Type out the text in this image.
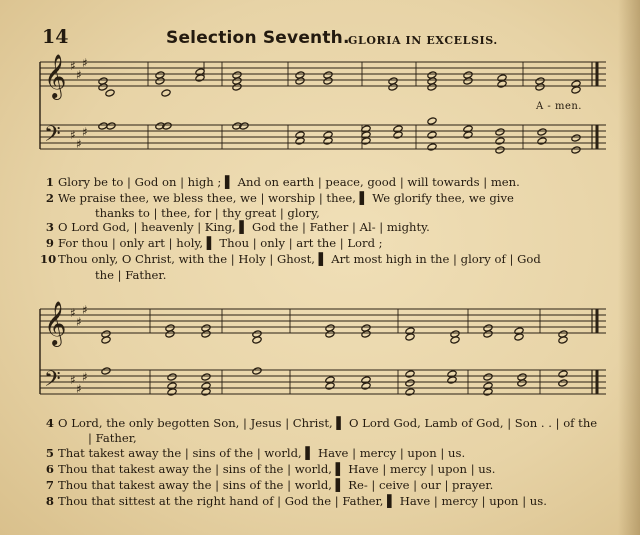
14	Selection Seventh.
GLORIA IN EXCELSIS.
𝄞
𝄢
♯
♯
♯
♯
♯
♯
𝄞
𝄢
♯
♯
♯
♯
♯
♯
A - men.
1 Glory be to | God on | high ; ▌ And on earth | peace, good | will towards | men.
2 We praise thee, we bless thee, we | worship | thee, ▌ We glorify thee, we give
thanks to | thee, for | thy great | glory,
3 O Lord God, | heavenly | King, ▌ God the | Father | Al- | mighty.
9 For thou | only art | holy, ▌ Thou | only | art the | Lord ;
10 Thou only, O Christ, with the | Holy | Ghost, ▌ Art most high in the | glory of | God
the | Father.
4 O Lord, the only begotten Son, | Jesus | Christ, ▌ O Lord God, Lamb of God, | Son . . | of the
| Father,
5 That takest away the | sins of the | world, ▌ Have | mercy | upon | us.
6 Thou that takest away the | sins of the | world, ▌ Have | mercy | upon | us.
7 Thou that takest away the | sins of the | world, ▌ Re- | ceive | our | prayer.
8 Thou that sittest at the right hand of | God the | Father, ▌ Have | mercy | upon | us.
